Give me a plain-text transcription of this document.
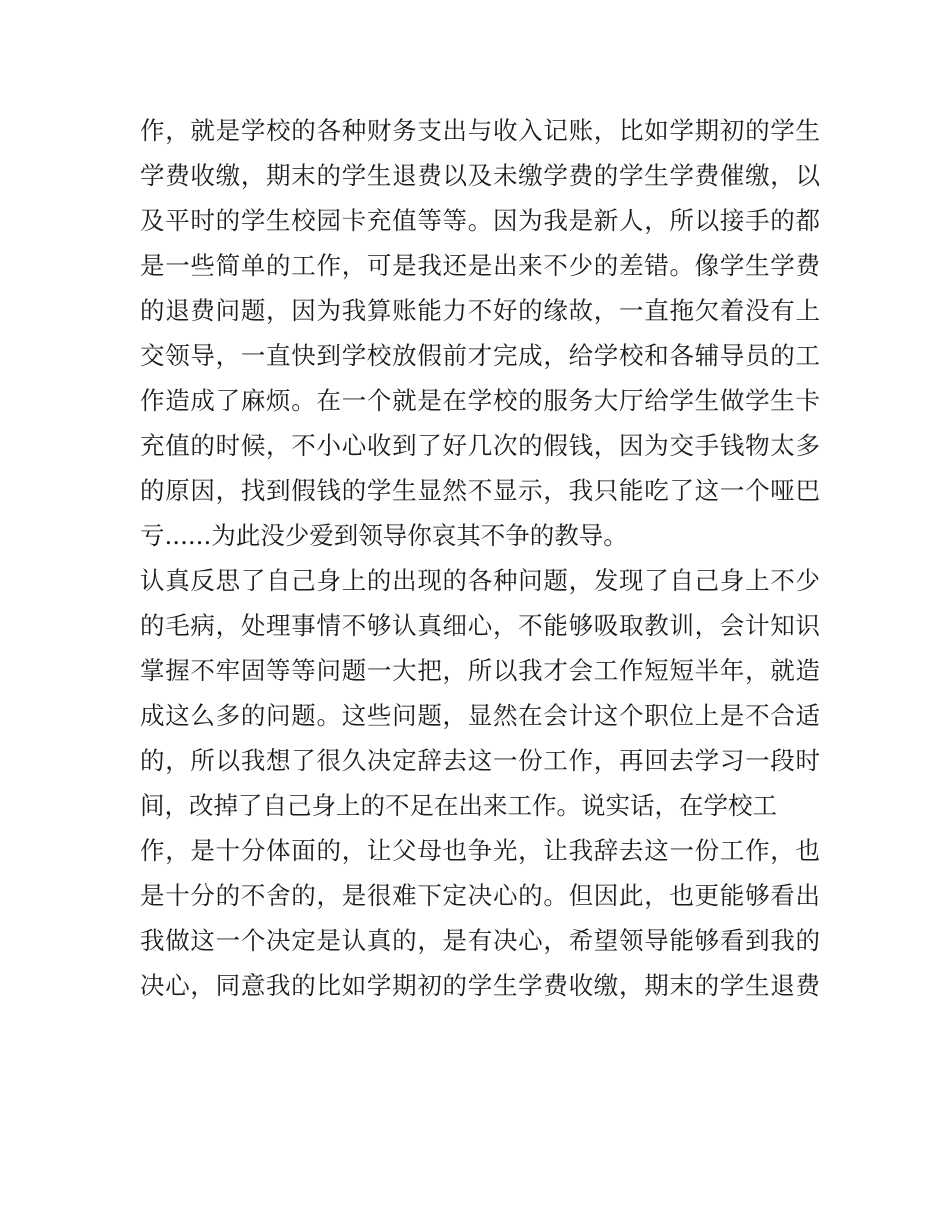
作，就是学校的各种财务支出与收入记账，比如学期初的学生
学费收缴，期末的学生退费以及未缴学费的学生学费催缴，以
及平时的学生校园卡充值等等。因为我是新人，所以接手的都
是一些简单的工作，可是我还是出来不少的差错。像学生学费
的退费问题，因为我算账能力不好的缘故，一直拖欠着没有上
交领导，一直快到学校放假前才完成，给学校和各辅导员的工
作造成了麻烦。在一个就是在学校的服务大厅给学生做学生卡
充值的时候，不小心收到了好几次的假钱，因为交手钱物太多
的原因，找到假钱的学生显然不显示，我只能吃了这一个哑巴
亏......为此没少爱到领导你哀其不争的教导。
认真反思了自己身上的出现的各种问题，发现了自己身上不少
的毛病，处理事情不够认真细心，不能够吸取教训，会计知识
掌握不牢固等等问题一大把，所以我才会工作短短半年，就造
成这么多的问题。这些问题，显然在会计这个职位上是不合适
的，所以我想了很久决定辞去这一份工作，再回去学习一段时
间，改掉了自己身上的不足在出来工作。说实话，在学校工
作，是十分体面的，让父母也争光，让我辞去这一份工作，也
是十分的不舍的，是很难下定决心的。但因此，也更能够看出
我做这一个决定是认真的，是有决心，希望领导能够看到我的
决心，同意我的比如学期初的学生学费收缴，期末的学生退费
